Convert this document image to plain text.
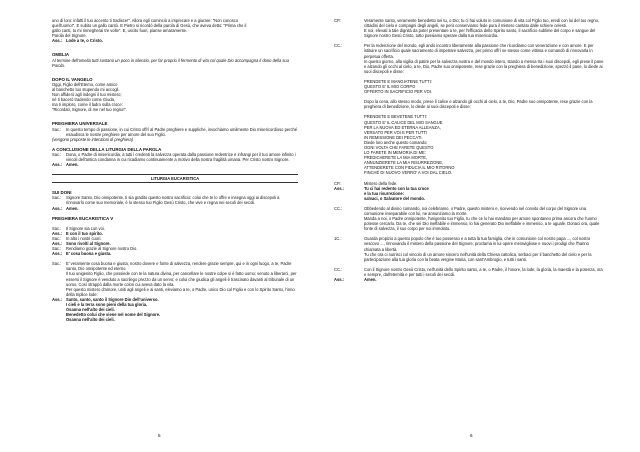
uno di loro: infatti il tuo accento ti tradisce!". Allora egli cominciò a imprecare e a giurare: "Non conosco

quell'uomo!". E subito un gallo cantò. E Pietro si ricordò della parola di Gesù, che aveva detto: "Prima che il

gallo canti, tu mi rinnegherai tre volte". E, uscito fuori, pianse amaramente.

Parola del Signore.

Ass.: Lode a te, o Cristo.

OMELIA

Al termine dell'omelia tutti sostano un poco in silenzio, per far proprio il fermento di vita col quale Dio accompagna il dono della sua Parola.

DOPO IL VANGELO

Oggi, Figlio dell'Eterno, come amico

al banchetto tuo stupendo mi accogli.

Non affiderò agli indegni il tuo mistero;

né ti bacerò tradendo come Giuda,

ma ti imploro, come il ladro sulla croce:

"Ricordati, Signore, di me nel tuo regno!".

PREGHIERA UNIVERSALE

Sac.:	In questo tempo di passione, in cui Cristo offrì al Padre preghiere e suppliche, invochiamo umilmente Dio misericordioso perché esaudisca le nostre preghiere per amore del suo Figlio.

(vengono proposte le intenzioni di preghiera)

A CONCLUSIONE DELLA LITURGIA DELLA PAROLA

Sac.:	Dona, o Padre di misericordia, a tutti i credenti la salvezza operata dalla passione redentrice e infrangi per il tuo amore infinito i vincoli dell'antica condanna in cui ricadiamo continuamente a motivo della nostra fragilità umana. Per Cristo nostro Signore.
Ass.: Amen.
LITURGIA EUCARISTICA

SUI DONI

Sac.:	Signore Santo, Dio onnipotente, ti sia gradito questo nostro sacrificio: colui che te lo offre e insegna oggi ai discepoli a rinnovarlo come suo memoriale, è lo stesso tuo Figlio Gesù Cristo, che vive e regna nei secoli dei secoli.
Ass.: Amen.

PREGHIERA EUCARISTICA V

Sac.:	Il Signore sia con voi.
Ass.: E con il tuo spirito.
Sac.:	In alto i nostri cuori.
Ass.: Sono rivolti al Signore.
Sac.:	Rendiamo grazie al Signore nostro Dio.
Ass.: E' cosa buona e giusta.
Sac.:	E' veramente cosa buona e giusta, nostro dovere e fonte di salvezza, rendere grazie sempre, qui e in ogni luogo, a te, Padre santo, Dio onnipotente ed eterno.

Il tuo unigenito Figlio, che possiede con te la natura divina, per cancellare le nostre colpe si è fatto uomo; venuto a liberarci, per essersi il Signore è venduto a sacrilego prezzo da un servo; e colui che giudica gli angeli è trascinato davanti al tribunale di un uomo. Così strappò dalla morte colori cui aveva dato la vita.

Per questo mistero d'amore, uniti agli angeli e ai santi, eleviamo a te, o Padre, unico Dio col Figlio e con lo Spirito Santo, l'inno della triplice lode:

Ass.: Santo, santo, santo il Signore Dio dell'universo.

I cieli e la terra sono pieni della tua gloria.

Osanna nell'alto dei cieli.

Benedetto colui che viene nel nome del Signore.

Osanna nell'alto dei cieli.

5
CP.:	Veramente santo, veramente benedetto sei tu, o Dio; tu ci hai voluto in comunione di vita col Figlio tuo, eredi con lui del tuo regno, cittadini del cielo e compagni degli angeli, se però conserviamo fede pura il mistero cantato dalle schiere celesti.

E noi, elevati a tale dignità da poter presentare a te, per l'efficacia dello Spirito santo, il sacrificio sublime del corpo e sangue del Signore nostro Gesù Cristo, tutto possiamo sperare dalla tua misericordia.

CC.:	Per la redenzione del mondo, egli andò incontro liberamente alla passione che ricordiamo con venerazione e con amore. E per istituire un sacrificio quale sacramento di impetrare salvezza, per primo offrì se stesso come vittima e comandò di rinnovarla in perpetua offerta.

In questo giorno, alla vigilia di patire per la salvezza nostra e del mondo intero, stando a mensa tra i suoi discepoli, egli prese il pane e alzando gli occhi al cielo, a te, Dio, Padre suo onnipotente, rese grazie con la preghiera di benedizione, spezzò il pane, lo diede ai suoi discepoli e disse:

PRENDETE E MANGIATENE TUTTI:

QUESTO E' IL MIO CORPO

OFFERTO IN SACRIFICIO PER VOI.

Dopo la cena, allo stesso modo, prese il calice e alzando gli occhi al cielo, a te, Dio, Padre suo onnipotente, rese grazie con la preghiera di benedizione, lo diede ai suoi discepoli e disse:

PRENDETE E BEVETENE TUTTI:

QUESTO E' IL CALICE DEL MIO SANGUE

PER LA NUOVA ED ETERNA ALLEANZA,

VERSATO PER VOI E PER TUTTI

IN REMISSIONE DEI PECCATI.

Diede loro anche questo comando:

OGNI VOLTA CHE FARETE QUESTO

LO FARETE IN MEMORIA DI ME:

PREDICHERETE LA MIA MORTE,

ANNUNZIERETE LA MIA RISURREZIONE,

ATTENDERETE CON FIDUCIA IL MIO RITORNO

FINCHÉ DI NUOVO VERRO' A VOI DAL CIELO.

CP.:	Mistero della fede.
Ass.:	Tu ci hai redento con la tua croce

e la tua risurrezione:

salvaci, o Salvatore del mondo.

CC.:	Obbedendo al divino comando, noi celebriamo, o Padre, questo mistero e, ricevendo nel convito del corpo del Signore una comunione inseparabile con lui, ne annunziamo la morte.

Manda a noi, o Padre onnipotente, l'unigenito tuo Figlio, tu che ce lo hai mandato per amore spontaneo prima ancora che l'uomo potesse cercarlo. Da te, che sei Dio ineffabile e immenso, lo hai generato Dio ineffabile e immenso, a te uguale. Donaci ora, quale fonte di salvezza, il suo corpo per noi immolato.

1C.:	Guarda propizio a questo popolo che è tuo possesso e a tutta la tua famiglia, che in comunione col nostro papa ..., col nostro vescovo ..., rinnovando il mistero della passione del Signore, proclama in lui opere meravigliose e nuovi i prodigi che l'hanno chiamata a libertà.

Tu che ora ci nutrisci col vincolo di un amore sincero nell'unità della Chiesa cattolica, serbaci per il banchetto del cielo e per la partecipazione alla tua gloria con la beata vergine Maria, con sant'Ambrogio, e tutti i santi.

CC.:	Con il Signore nostro Gesù Cristo, nell'unità dello Spirito santo, a te, o Padre, il l'onore, la lode, la gloria, la maestà e la potenza, ora e sempre, dall'eternità e per tutti i secoli dei secoli.
Ass.:	Amen.
6
